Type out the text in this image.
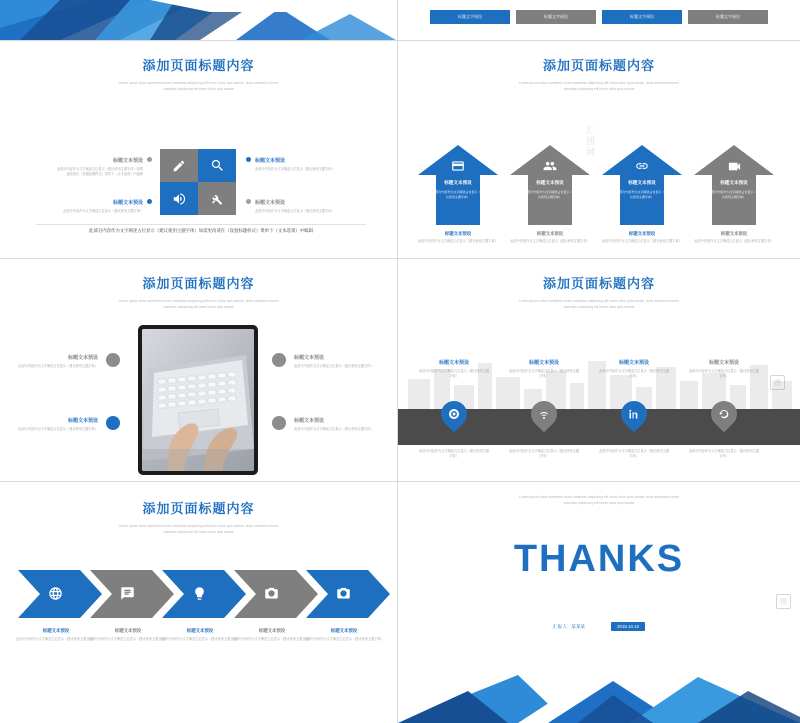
标题文字预设	标题文字预设	标题文字预设	标题文字预设
添加页面标题内容
Lorem ipsum dolor sametenn lorem caseritas adipiscing elit lorem dolor quis samse, dolor sametenn lorem
caseritas adipiscing elit lorem dolor quis samse
标题文本预设
此部分内容作为文字阐述占位显示（建议使用主题字体）如需更改请在（设置标题样式）菜单下（文本选项）中编辑
标题文本预设
此部分内容作为文字阐述占位显示（建议使用主题字体）
标题文本预设
此部分内容作为文字阐述占位显示（建议使用主题字体）
标题文本预设
此部分内容作为文字阐述占位显示（建议使用主题字体）
此部分内容作为文字阐述占位显示（建议使用主题字体）如需更改请在（设置标题样式）菜单下（文本选项）中编辑
添加页面标题内容
Lorem ipsum dolor sametenn lorem caseritas adipiscing elit lorem dolor quis samse, dolor sametenn lorem
caseritas adipiscing elit lorem dolor quis samse
标题文本预设
此部分内容作为文字阐述占位显示（建议使用主题字体）
标题文本预设
此部分内容作为文字阐述占位显示（建议使用主题字体）
标题文本预设
此部分内容作为文字阐述占位显示（建议使用主题字体）
标题文本预设
此部分内容作为文字阐述占位显示（建议使用主题字体）
标题文本预设
此部分内容作为文字阐述占位显示（建议使用主题字体）
标题文本预设
此部分内容作为文字阐述占位显示（建议使用主题字体）
标题文本预设
此部分内容作为文字阐述占位显示（建议使用主题字体）
标题文本预设
此部分内容作为文字阐述占位显示（建议使用主题字体）
汇图网
添加页面标题内容
Lorem ipsum dolor sametenn lorem caseritas adipiscing elit lorem dolor quis samse, dolor sametenn lorem
caseritas adipiscing elit lorem dolor quis samse
标题文本预设
此部分内容作为文字阐述占位显示（建议使用主题字体）
标题文本预设
此部分内容作为文字阐述占位显示（建议使用主题字体）
标题文本预设
此部分内容作为文字阐述占位显示（建议使用主题字体）
标题文本预设
此部分内容作为文字阐述占位显示（建议使用主题字体）
添加页面标题内容
Lorem ipsum dolor sametenn lorem caseritas adipiscing elit lorem dolor quis samse, dolor sametenn lorem
caseritas adipiscing elit lorem dolor quis samse
标题文本预设
此部分内容作为文字阐述占位显示（建议使用主题字体）
此部分内容作为文字阐述占位显示（建议使用主题字体）
标题文本预设
此部分内容作为文字阐述占位显示（建议使用主题字体）
此部分内容作为文字阐述占位显示（建议使用主题字体）
标题文本预设
此部分内容作为文字阐述占位显示（建议使用主题字体）
此部分内容作为文字阐述占位显示（建议使用主题字体）
标题文本预设
此部分内容作为文字阐述占位显示（建议使用主题字体）
此部分内容作为文字阐述占位显示（建议使用主题字体）
图
添加页面标题内容
Lorem ipsum dolor sametenn lorem caseritas adipiscing elit lorem dolor quis samse, dolor sametenn lorem
caseritas adipiscing elit lorem dolor quis samse
标题文本预设
此部分内容作为文字阐述占位显示（建议使用主题字体）
标题文本预设
此部分内容作为文字阐述占位显示（建议使用主题字体）
标题文本预设
此部分内容作为文字阐述占位显示（建议使用主题字体）
标题文本预设
此部分内容作为文字阐述占位显示（建议使用主题字体）
标题文本预设
此部分内容作为文字阐述占位显示（建议使用主题字体）
THANKS
Lorem ipsum dolor sametenn lorem caseritas adipiscing elit lorem dolor quis samse, dolor sametenn lorem
caseritas adipiscing elit lorem dolor quis samse
汇报人：某某某	2018.10.10
图
